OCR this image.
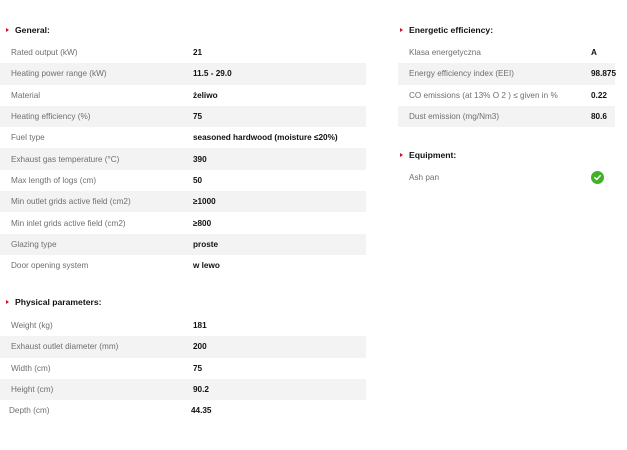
General:
Rated output (kW)	21
Heating power range (kW)	11.5 - 29.0
Material	żeliwo
Heating efficiency (%)	75
Fuel type	seasoned hardwood (moisture ≤20%)
Exhaust gas temperature (°C)	390
Max length of logs (cm)	50
Min outlet grids active field (cm2)	≥1000
Min inlet grids active field (cm2)	≥800
Glazing type	proste
Door opening system	w lewo
Physical parameters:
Weight (kg)	181
Exhaust outlet diameter (mm)	200
Width (cm)	75
Height (cm)	90.2
Depth (cm)	44.35
Energetic efficiency:
Klasa energetyczna	A
Energy efficiency index (EEI)	98.875
CO emissions (at 13% O 2 ) ≤ given in %	0.22
Dust emission (mg/Nm3)	80.6
Equipment:
Ash pan
